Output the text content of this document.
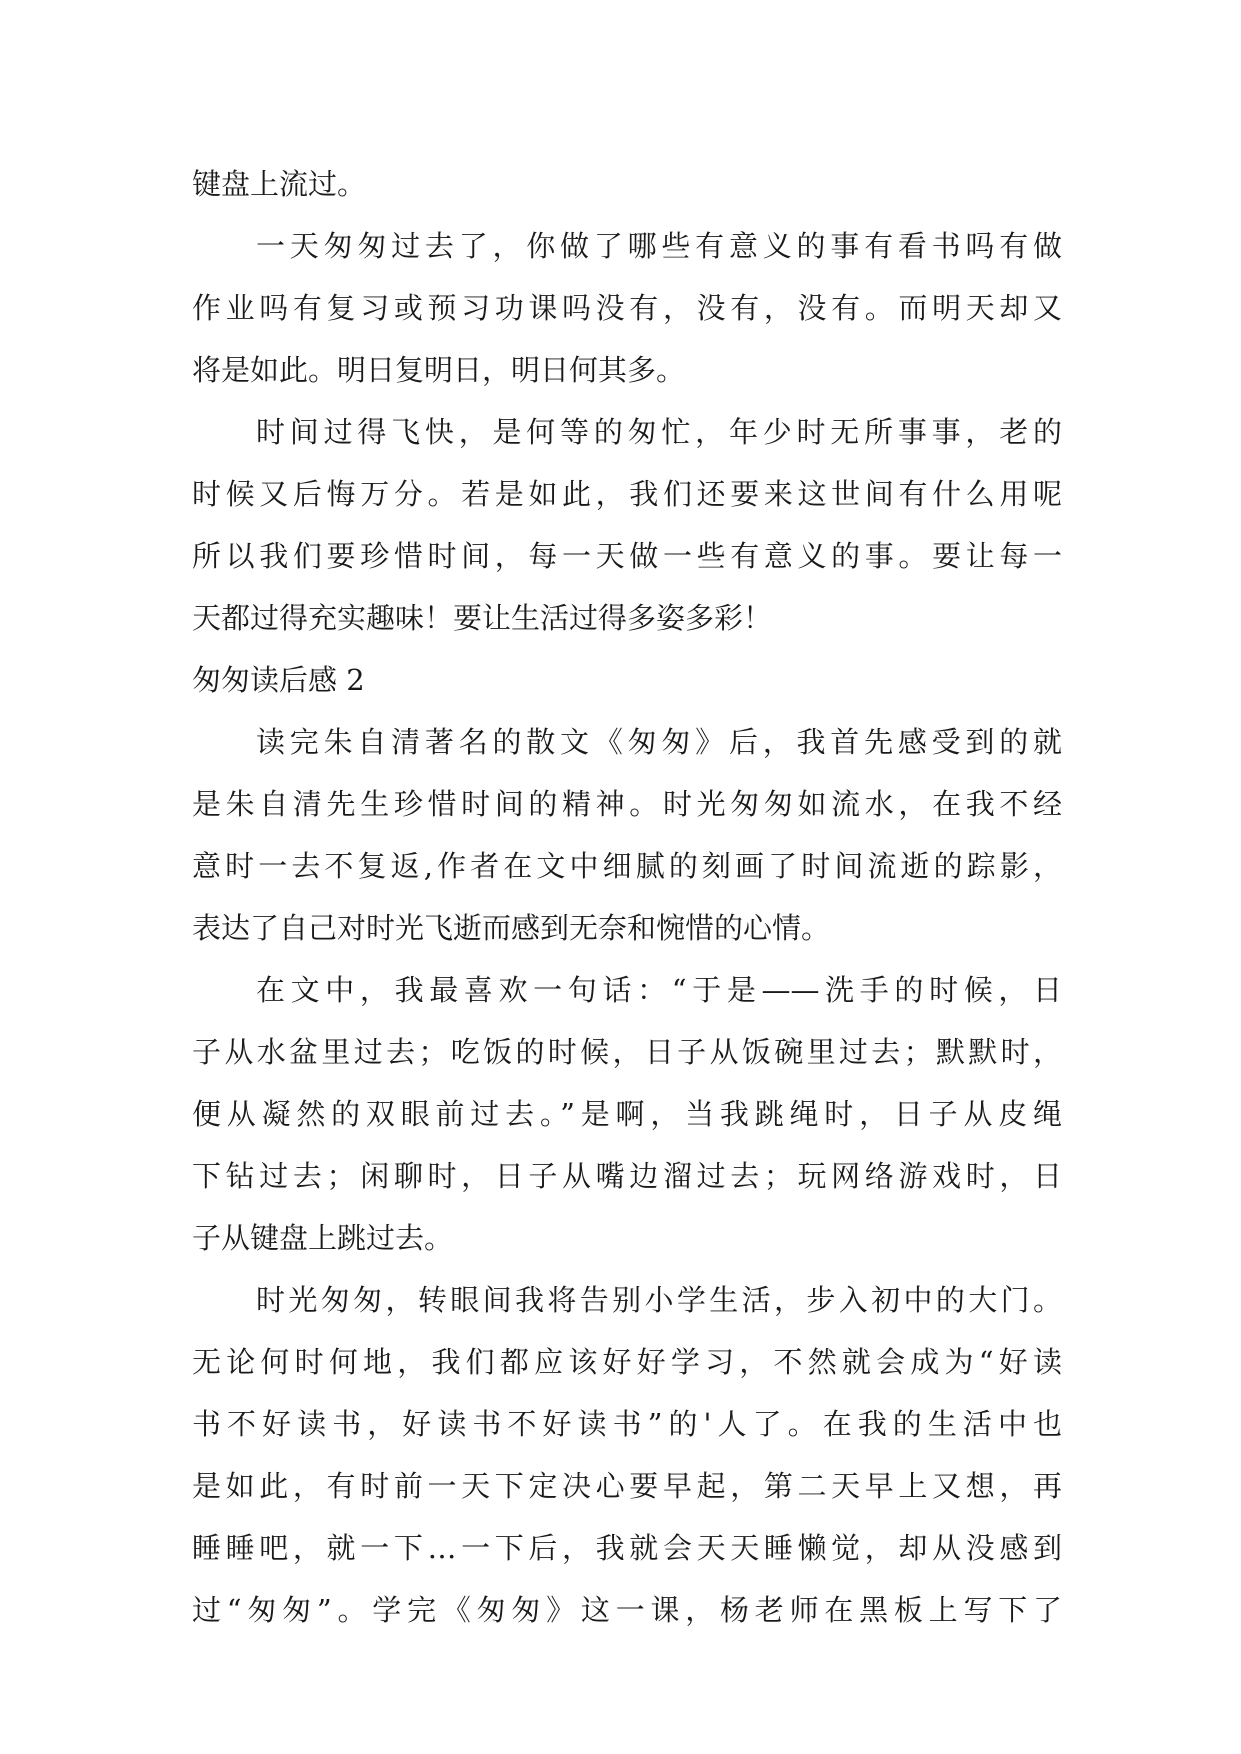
键盘上流过。
一天匆匆过去了，你做了哪些有意义的事有看书吗有做
作业吗有复习或预习功课吗没有，没有，没有。而明天却又
将是如此。明日复明日，明日何其多。
时间过得飞快，是何等的匆忙，年少时无所事事，老的
时候又后悔万分。若是如此，我们还要来这世间有什么用呢
所以我们要珍惜时间，每一天做一些有意义的事。要让每一
天都过得充实趣味！要让生活过得多姿多彩！
匆匆读后感 2
读完朱自清著名的散文《匆匆》后，我首先感受到的就
是朱自清先生珍惜时间的精神。时光匆匆如流水，在我不经
意时一去不复返,作者在文中细腻的刻画了时间流逝的踪影，
表达了自己对时光飞逝而感到无奈和惋惜的心情。
在文中，我最喜欢一句话：“于是——洗手的时候，日
子从水盆里过去；吃饭的时候，日子从饭碗里过去；默默时，
便从凝然的双眼前过去。”是啊，当我跳绳时，日子从皮绳
下钻过去；闲聊时，日子从嘴边溜过去；玩网络游戏时，日
子从键盘上跳过去。
时光匆匆，转眼间我将告别小学生活，步入初中的大门。
无论何时何地，我们都应该好好学习，不然就会成为“好读
书不好读书，好读书不好读书”的'人了。在我的生活中也
是如此，有时前一天下定决心要早起，第二天早上又想，再
睡睡吧，就一下…一下后，我就会天天睡懒觉，却从没感到
过“匆匆”。学完《匆匆》这一课，杨老师在黑板上写下了
